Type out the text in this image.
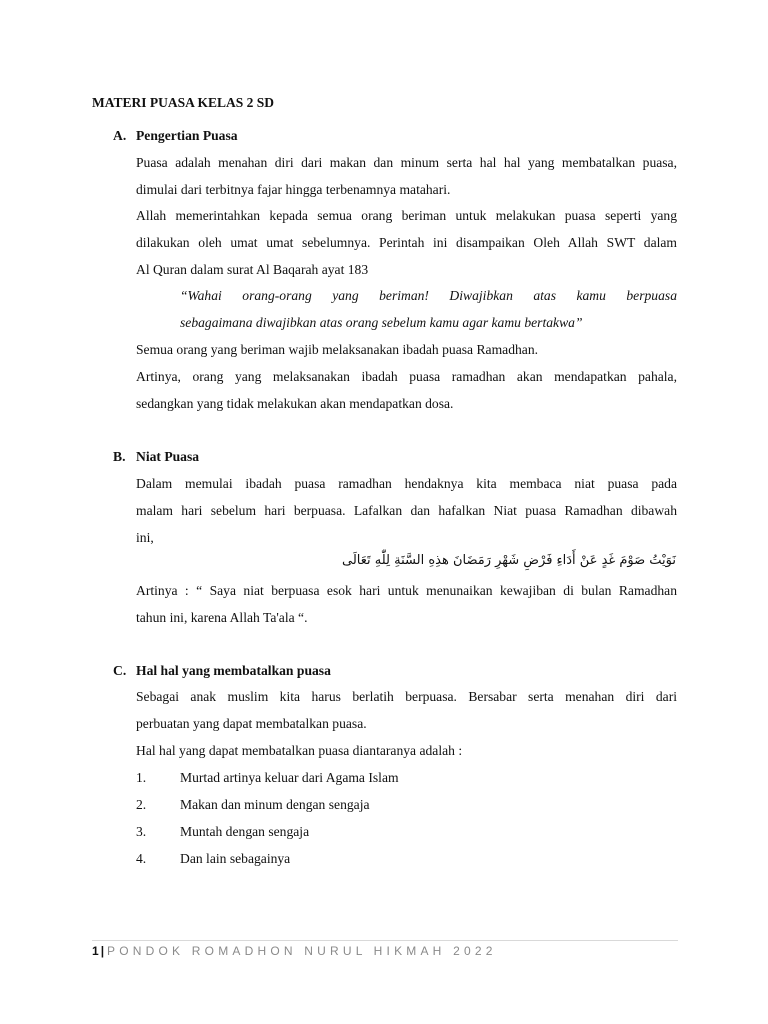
MATERI PUASA KELAS 2 SD
A. Pengertian Puasa
Puasa adalah menahan diri dari makan dan minum serta hal hal yang membatalkan puasa,
dimulai dari terbitnya fajar hingga terbenamnya matahari.
Allah memerintahkan kepada semua orang beriman untuk melakukan puasa seperti yang
dilakukan oleh umat umat sebelumnya. Perintah ini disampaikan Oleh Allah SWT dalam
Al Quran dalam surat Al Baqarah ayat 183
“Wahai orang-orang yang beriman! Diwajibkan atas kamu berpuasa
sebagaimana diwajibkan atas orang sebelum kamu agar kamu bertakwa”
Semua orang yang beriman wajib melaksanakan ibadah puasa Ramadhan.
Artinya, orang yang melaksanakan ibadah puasa ramadhan akan mendapatkan pahala,
sedangkan yang tidak melakukan akan mendapatkan dosa.
B. Niat Puasa
Dalam memulai ibadah puasa ramadhan hendaknya kita membaca niat puasa pada
malam hari sebelum hari berpuasa. Lafalkan dan hafalkan Niat puasa Ramadhan dibawah
ini,
نَوَيْتُ صَوْمَ غَدٍ عَنْ أَدَاءِ فَرْضِ شَهْرِ رَمَضَانَ هذِهِ السَّنَةِ لِلّٰهِ تَعَالَى
Artinya : “ Saya niat berpuasa esok hari untuk menunaikan kewajiban di bulan Ramadhan
tahun ini, karena Allah Ta'ala “.
C. Hal hal yang membatalkan puasa
Sebagai anak muslim kita harus berlatih berpuasa. Bersabar serta menahan diri dari
perbuatan yang dapat membatalkan puasa.
Hal hal yang dapat membatalkan puasa diantaranya adalah :
1. Murtad artinya keluar dari Agama Islam
2. Makan dan minum dengan sengaja
3. Muntah dengan sengaja
4. Dan lain sebagainya
1 | PONDOK ROMADHON NURUL HIKMAH 2022
